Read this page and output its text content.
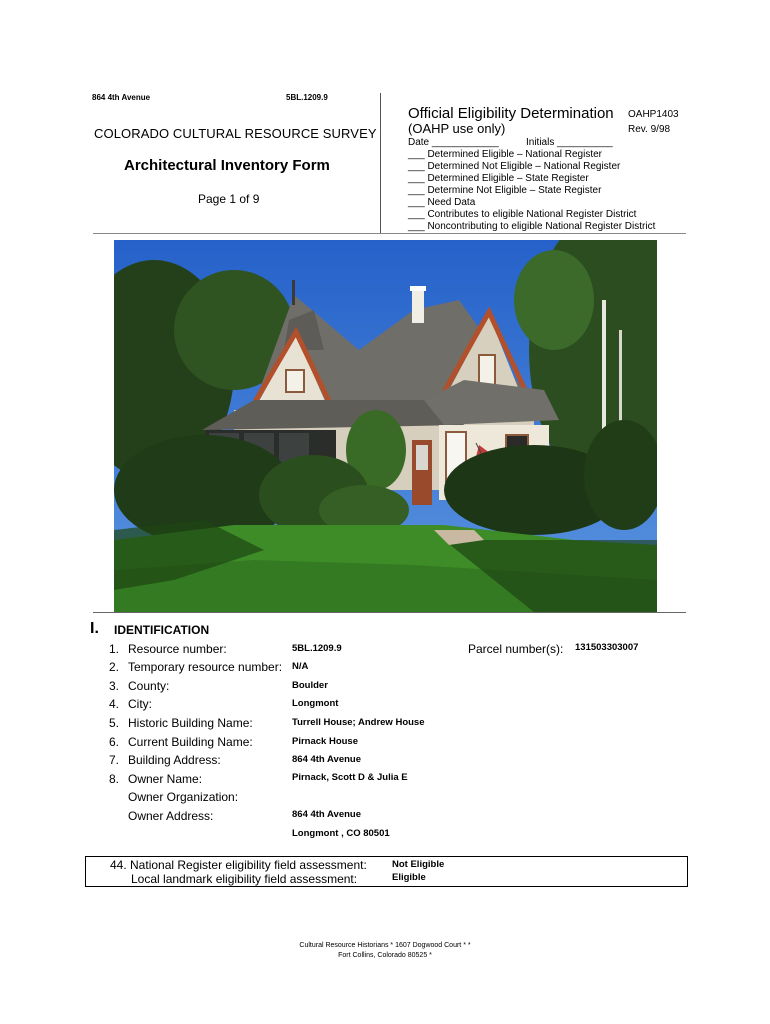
864 4th Avenue	5BL.1209.9
COLORADO CULTURAL RESOURCE SURVEY
Architectural Inventory Form
Page 1 of 9
Official Eligibility Determination OAHP1403
(OAHP use only)	Rev. 9/98
Date ____________	Initials __________
___ Determined Eligible – National Register
___ Determined Not Eligible – National Register
___ Determined Eligible – State Register
___ Determine Not Eligible – State Register
___ Need Data
___ Contributes to eligible National Register District
___ Noncontributing to eligible National Register District
I. IDENTIFICATION
1. Resource number:	5BL.1209.9
2. Temporary resource number: N/A
3. County:	Boulder
4. City:	Longmont
5. Historic Building Name:	Turrell House; Andrew House
6. Current Building Name:	Pirnack House
7. Building Address:	864 4th Avenue
8. Owner Name:	Pirnack, Scott D & Julia E
Owner Organization:
Owner Address:	864 4th Avenue
Longmont , CO 80501
Parcel number(s): 131503303007
44. National Register eligibility field assessment:	Not Eligible
Local landmark eligibility field assessment:	Eligible
Cultural Resource Historians * 1607 Dogwood Court * *
Fort Collins, Colorado 80525 *
